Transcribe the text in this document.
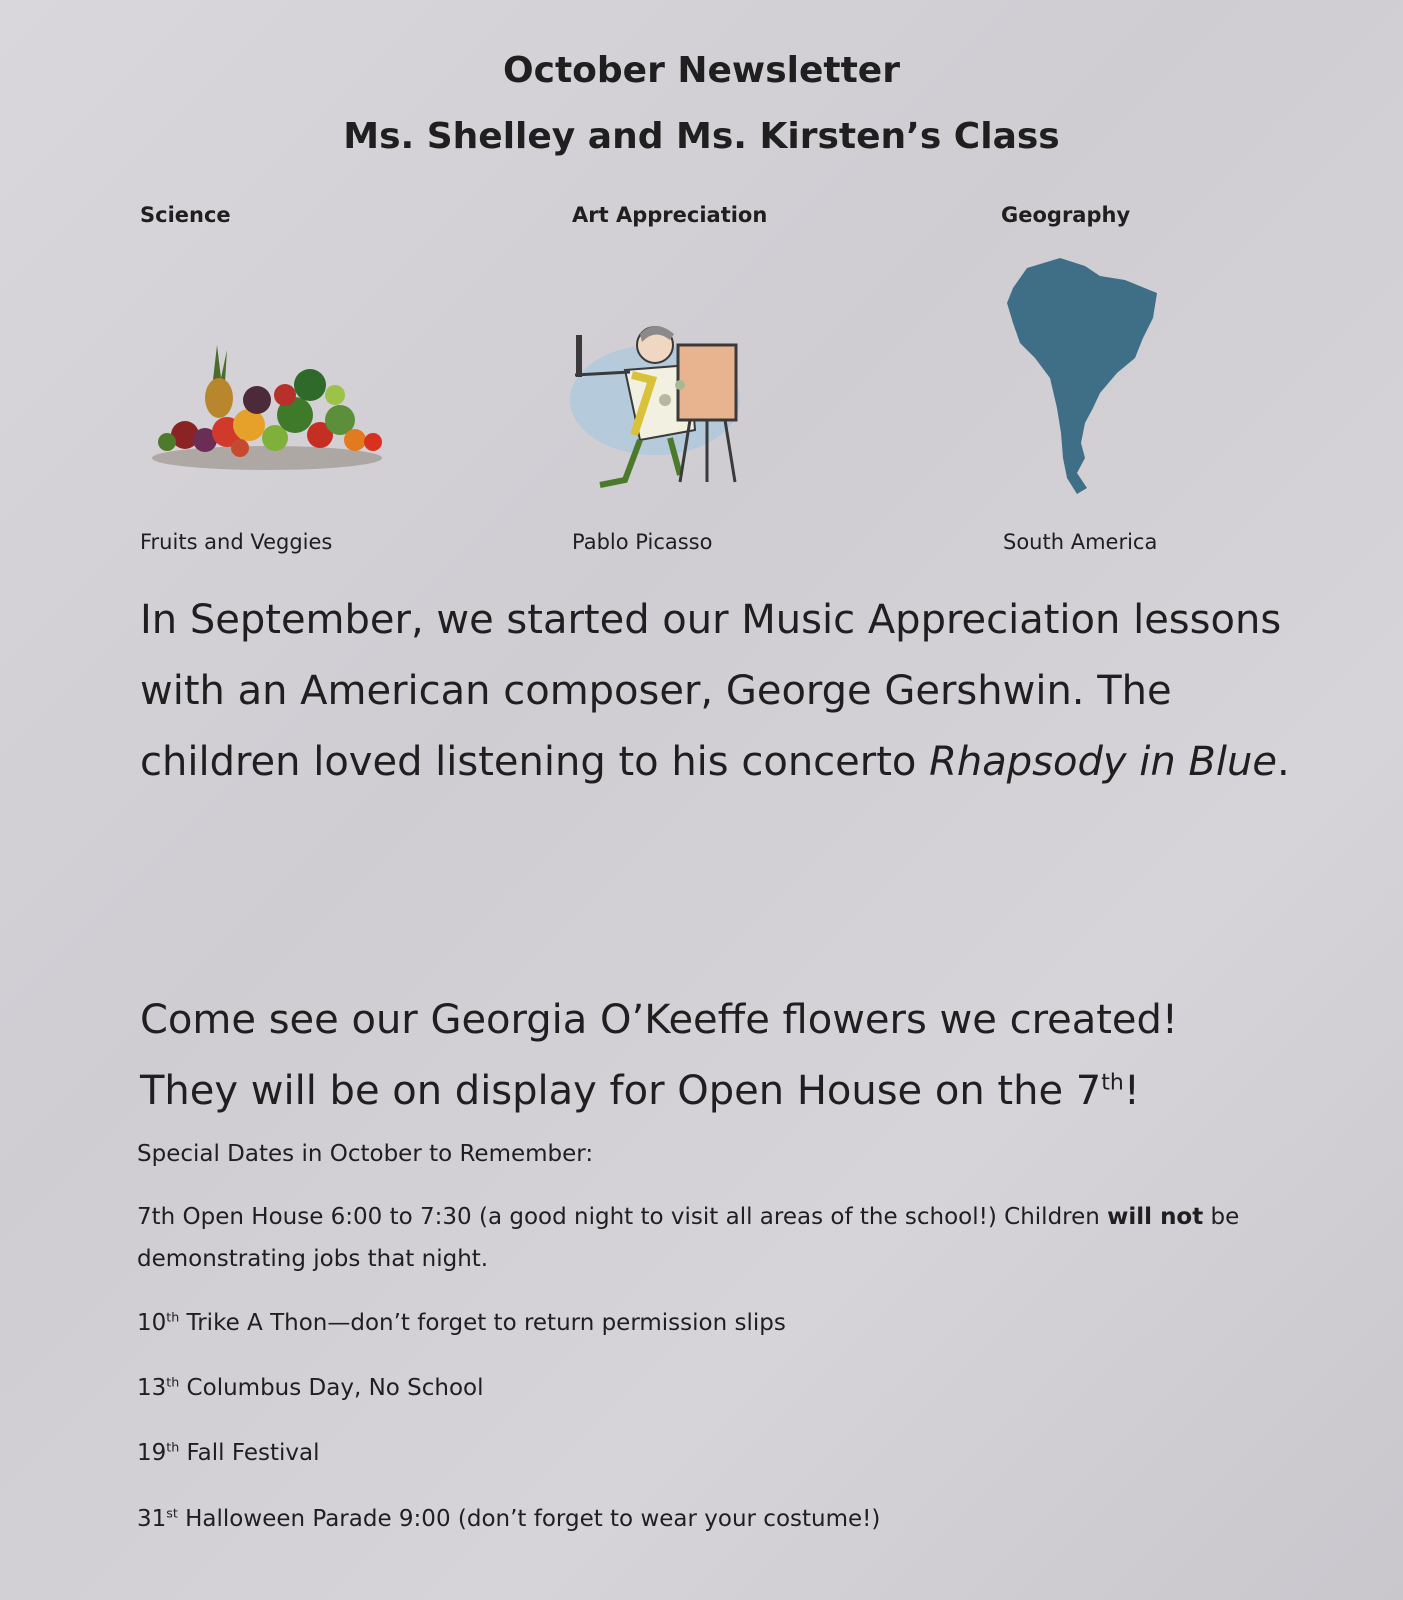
October Newsletter
Ms. Shelley and Ms. Kirsten’s Class
Science	Art Appreciation	Geography
Fruits and Veggies	Pablo Picasso	South America
In September, we started our Music Appreciation lessons with an American composer, George Gershwin. The children loved listening to his concerto Rhapsody in Blue.
Come see our Georgia O’Keeffe flowers we created!
They will be on display for Open House on the 7th!
Special Dates in October to Remember:
7th Open House 6:00 to 7:30 (a good night to visit all areas of the school!) Children will not be demonstrating jobs that night.
10th Trike A Thon—don’t forget to return permission slips
13th Columbus Day, No School
19th Fall Festival
31st Halloween Parade 9:00 (don’t forget to wear your costume!)
